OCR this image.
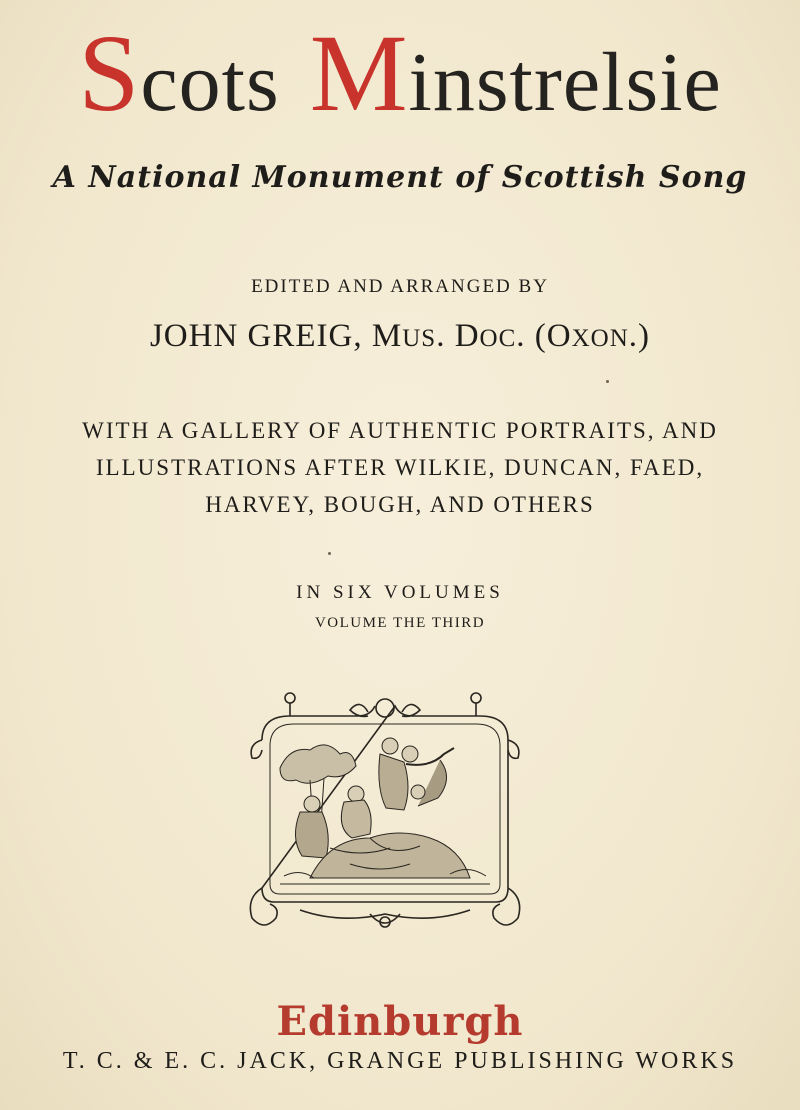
Scots Minstrelsie
A National Monument of Scottish Song
EDITED AND ARRANGED BY
JOHN GREIG, MUS. DOC. (OXON.)
WITH A GALLERY OF AUTHENTIC PORTRAITS, AND
ILLUSTRATIONS AFTER WILKIE, DUNCAN, FAED,
HARVEY, BOUGH, AND OTHERS
IN SIX VOLUMES
VOLUME THE THIRD
Edinburgh
T. C. & E. C. JACK, GRANGE PUBLISHING WORKS
